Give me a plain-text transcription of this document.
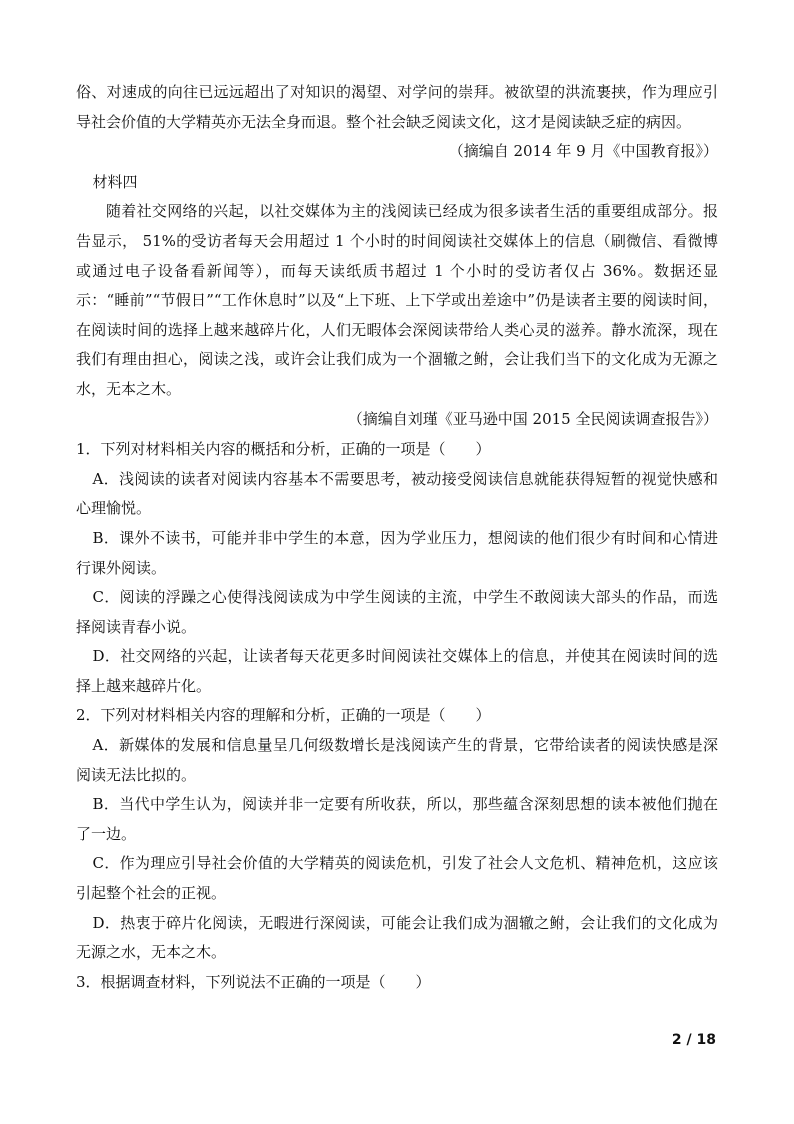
俗、对速成的向往已远远超出了对知识的渴望、对学问的崇拜。被欲望的洪流裹挟，作为理应引导社会价值的大学精英亦无法全身而退。整个社会缺乏阅读文化，这才是阅读缺乏症的病因。

（摘编自 2014 年 9 月《中国教育报》）

材料四

随着社交网络的兴起，以社交媒体为主的浅阅读已经成为很多读者生活的重要组成部分。报告显示， 51%的受访者每天会用超过 1 个小时的时间阅读社交媒体上的信息（刷微信、看微博或通过电子设备看新闻等），而每天读纸质书超过 1 个小时的受访者仅占 36%。数据还显示：“睡前”“节假日”“工作休息时”以及“上下班、上下学或出差途中”仍是读者主要的阅读时间，在阅读时间的选择上越来越碎片化，人们无暇体会深阅读带给人类心灵的滋养。静水流深，现在我们有理由担心，阅读之浅，或许会让我们成为一个涸辙之鲋，会让我们当下的文化成为无源之水，无本之木。

（摘编自刘瑾《亚马逊中国 2015 全民阅读调查报告》）

1．下列对材料相关内容的概括和分析，正确的一项是（　　）

A．浅阅读的读者对阅读内容基本不需要思考，被动接受阅读信息就能获得短暂的视觉快感和心理愉悦。

B．课外不读书，可能并非中学生的本意，因为学业压力，想阅读的他们很少有时间和心情进行课外阅读。

C．阅读的浮躁之心使得浅阅读成为中学生阅读的主流，中学生不敢阅读大部头的作品，而选择阅读青春小说。

D．社交网络的兴起，让读者每天花更多时间阅读社交媒体上的信息，并使其在阅读时间的选择上越来越碎片化。

2．下列对材料相关内容的理解和分析，正确的一项是（　　）

A．新媒体的发展和信息量呈几何级数增长是浅阅读产生的背景，它带给读者的阅读快感是深阅读无法比拟的。

B．当代中学生认为，阅读并非一定要有所收获，所以，那些蕴含深刻思想的读本被他们抛在了一边。

C．作为理应引导社会价值的大学精英的阅读危机，引发了社会人文危机、精神危机，这应该引起整个社会的正视。

D．热衷于碎片化阅读，无暇进行深阅读，可能会让我们成为涸辙之鲋，会让我们的文化成为无源之水，无本之木。

3．根据调查材料，下列说法不正确的一项是（　　）

2 / 18
